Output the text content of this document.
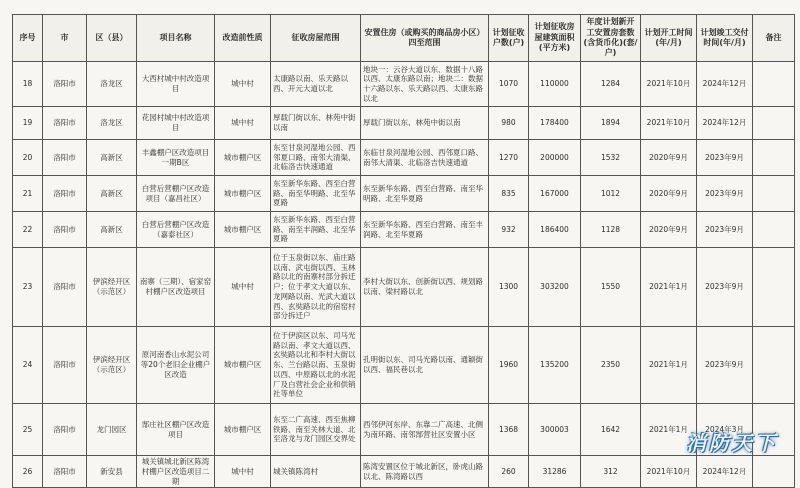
序号	市	区（县）	项目名称	改造前性质	征收房屋范围	安置住房（或购买的商品房小区）四至范围	计划征收户数(户)	计划征收房屋建筑面积(平方米)	年度计划新开工安置房套数(含货币化)(套/户)	计划开工时间(年/月)	计划竣工交付时间(年/月)	备注
18	洛阳市	洛龙区	大西村城中村改造项目	城中村	太康路以南、乐天路以西、开元大道以北	地块一：云谷大道以东、数据十八路以西、太康东路以南；地块二：数据十六路以东、乐天路以西、太康东路以北	1070	110000	1284	2021年10月	2024年12月	
19	洛阳市	洛龙区	花园村城中村改造项目	城中村	厚载门街以东、林苑中街以南	厚载门街以东、林苑中街以南	980	178400	1894	2021年10月	2024年12月	
20	洛阳市	高新区	丰鑫棚户区改造项目一期B区	城市棚户区	东至甘泉河湿地公园、西邻夏口路、南邻大清渠、北临洛吉快速通道	东临甘泉河湿地公园、西邻夏口路、南邻大清渠、北临洛吉快速通道	1270	200000	1532	2020年9月	2023年9月	
21	洛阳市	高新区	白营后营棚户区改造项目（嘉昌社区）	城市棚户区	东至新华东路、西至白营路、南至华明路、北至华夏路	东至新华东路、西至白营路、南至华明路、北至华夏路	835	167000	1012	2020年9月	2023年9月	
22	洛阳市	高新区	白营后营棚户区改造（嘉泰社区）	城市棚户区	东至新华东路、西至白营路、南至丰润路、北至华夏路	东至新华东路、西至白营路、南至丰润路、北至华夏路	932	186400	1128	2020年9月	2023年9月	
23	洛阳市	伊滨经开区（示范区）	南寨（三期）、宿家窑村棚户区改造项目	城中村	位于玉泉街以东、庙庄路以南、武屯街以西、玉林路以北的南寨村部分拆迁户；位于孝文大道以东、龙网路以南、光武大道以西、玄奘路以北的宿窑村部分拆迁户	李村大街以东、创新街以西、规划路以南、梁村路以北	1300	303200	1550	2021年1月	2023年9月	
24	洛阳市	伊滨经开区（示范区）	原河南香山水泥公司等20个老旧企业棚户区改造	城市棚户区	位于伊滨区以东、司马光路以南、孝文大道以西、玄奘路以北和李村大街以东、兰台路以南、玉泉街以西、中原路以北的水泥厂及白营社会企业和供销社等单位	孔明街以东、司马光路以南、通颖街以西、福民巷以北	1960	135200	2350	2021年1月	2023年9月	
25	洛阳市	龙门园区	郜庄社区棚户区改造项目	城市棚户区	东至二广高速、西至焦柳铁路、南至关林大道、北至洛龙与龙门园区交界处	西邻伊河东岸、东靠二广高速、北侧为南环路、南邻郜营社区安置小区	1368	300003	1642	2021年1月	2024年3月	
26	洛阳市	新安县	城关镇城北新区陈湾村棚户区改造项目二期	城中村	城关镇陈湾村	陈湾安置区位于城北新区，卧虎山路以北、陈湾路以西	260	31286	312	2021年10月	2024年12月	
消防天下
